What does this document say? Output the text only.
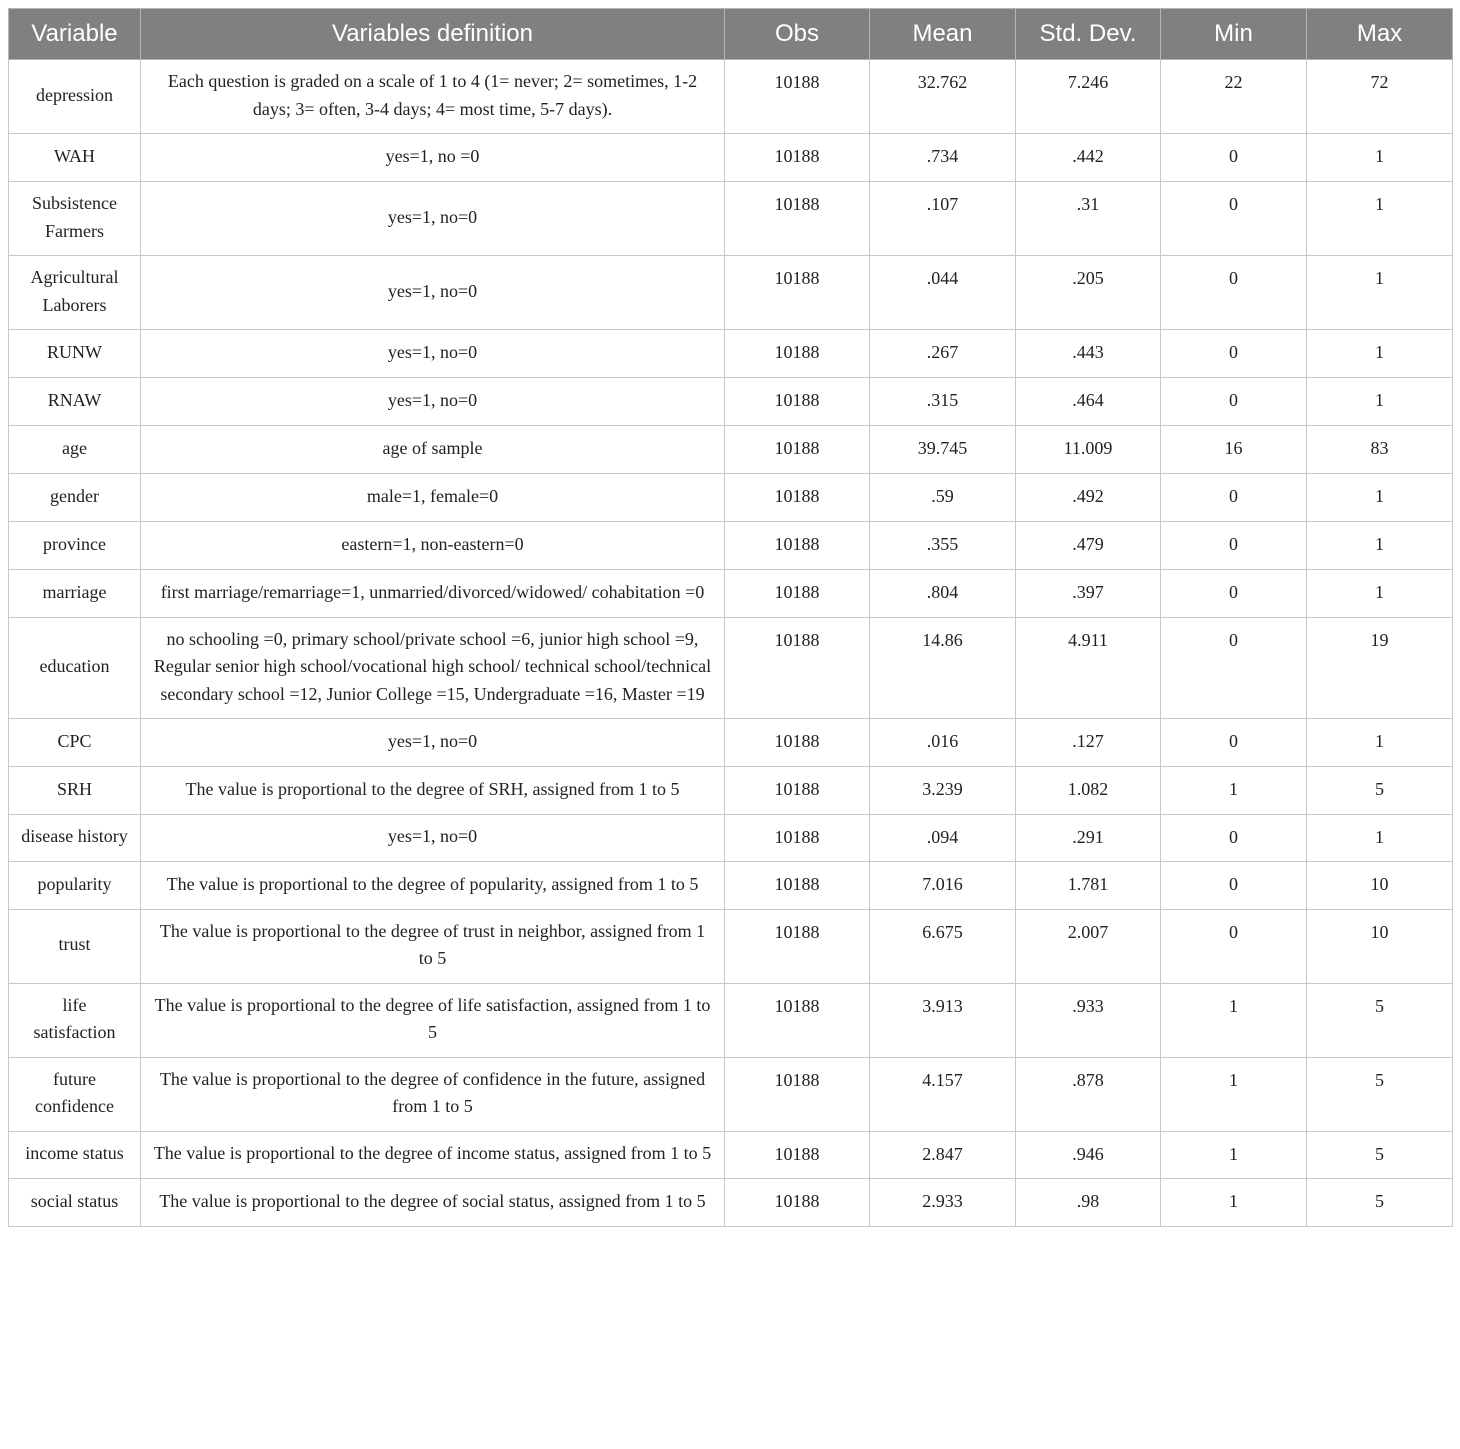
Variable	Variables definition	Obs	Mean	Std. Dev.	Min	Max
depression	Each question is graded on a scale of 1 to 4 (1= never; 2= sometimes, 1-2 days; 3= often, 3-4 days; 4= most time, 5-7 days).	10188	32.762	7.246	22	72
WAH	yes=1, no =0	10188	.734	.442	0	1
Subsistence Farmers	yes=1, no=0	10188	.107	.31	0	1
Agricultural Laborers	yes=1, no=0	10188	.044	.205	0	1
RUNW	yes=1, no=0	10188	.267	.443	0	1
RNAW	yes=1, no=0	10188	.315	.464	0	1
age	age of sample	10188	39.745	11.009	16	83
gender	male=1, female=0	10188	.59	.492	0	1
province	eastern=1, non-eastern=0	10188	.355	.479	0	1
marriage	first marriage/remarriage=1, unmarried/divorced/widowed/ cohabitation =0	10188	.804	.397	0	1
education	no schooling =0, primary school/private school =6, junior high school =9, Regular senior high school/vocational high school/ technical school/technical secondary school =12, Junior College =15, Undergraduate =16, Master =19	10188	14.86	4.911	0	19
CPC	yes=1, no=0	10188	.016	.127	0	1
SRH	The value is proportional to the degree of SRH, assigned from 1 to 5	10188	3.239	1.082	1	5
disease history	yes=1, no=0	10188	.094	.291	0	1
popularity	The value is proportional to the degree of popularity, assigned from 1 to 5	10188	7.016	1.781	0	10
trust	The value is proportional to the degree of trust in neighbor, assigned from 1 to 5	10188	6.675	2.007	0	10
life satisfaction	The value is proportional to the degree of life satisfaction, assigned from 1 to 5	10188	3.913	.933	1	5
future confidence	The value is proportional to the degree of confidence in the future, assigned from 1 to 5	10188	4.157	.878	1	5
income status	The value is proportional to the degree of income status, assigned from 1 to 5	10188	2.847	.946	1	5
social status	The value is proportional to the degree of social status, assigned from 1 to 5	10188	2.933	.98	1	5
